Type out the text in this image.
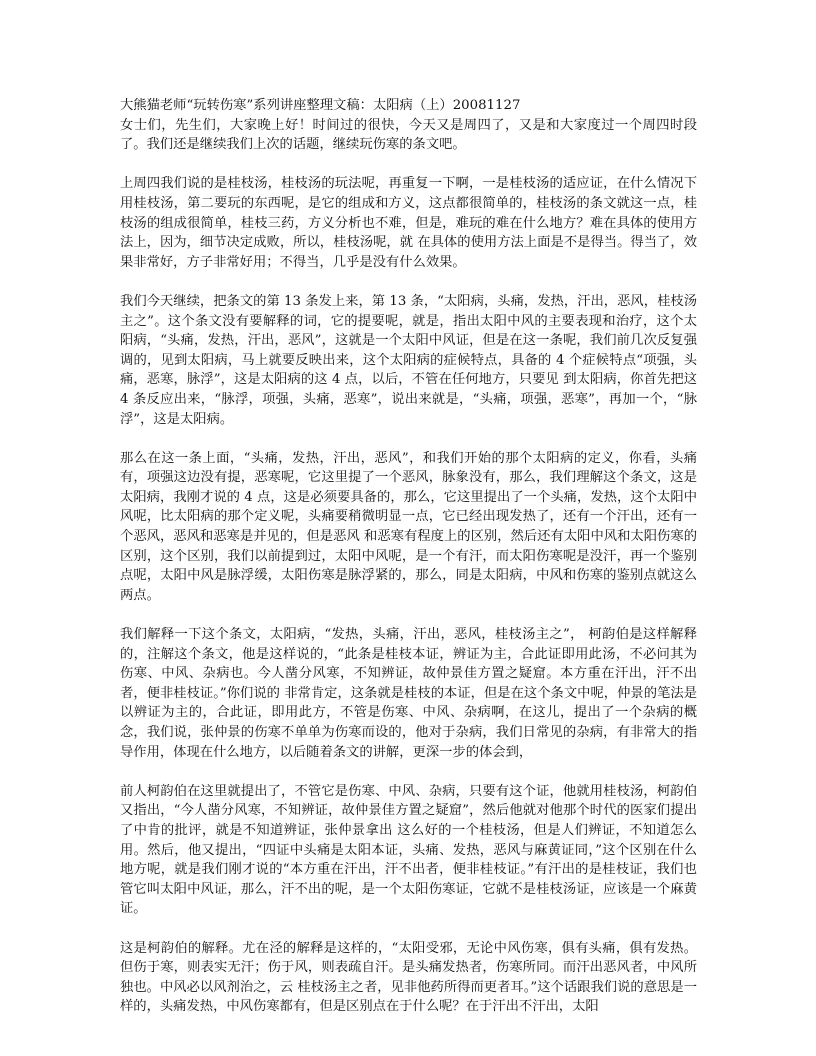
大熊猫老师“玩转伤寒”系列讲座整理文稿：太阳病（上）20081127

女士们，先生们，大家晚上好！时间过的很快，今天又是周四了，又是和大家度过一个周四时段了。我们还是继续我们上次的话题，继续玩伤寒的条文吧。

上周四我们说的是桂枝汤，桂枝汤的玩法呢，再重复一下啊，一是桂枝汤的适应证，在什么情况下用桂枝汤，第二要玩的东西呢，是它的组成和方义，这点都很简单的，桂枝汤的条文就这一点，桂枝汤的组成很简单，桂枝三药，方义分析也不难，但是，难玩的难在什么地方？难在具体的使用方法上，因为，细节决定成败，所以，桂枝汤呢，就 在具体的使用方法上面是不是得当。得当了，效果非常好，方子非常好用；不得当，几乎是没有什么效果。

我们今天继续，把条文的第 13 条发上来，第 13 条，“太阳病，头痛，发热，汗出，恶风，桂枝汤主之”。这个条文没有要解释的词，它的提要呢，就是，指出太阳中风的主要表现和治疗，这个太阳病，“头痛，发热，汗出，恶风”，这就是一个太阳中风证，但是在这一条呢，我们前几次反复强调的，见到太阳病，马上就要反映出来，这个太阳病的症候特点，具备的 4 个症候特点“项强，头痛，恶寒，脉浮”，这是太阳病的这 4 点，以后，不管在任何地方，只要见 到太阳病，你首先把这 4 条反应出来，“脉浮，项强，头痛，恶寒”，说出来就是，“头痛，项强，恶寒”，再加一个，“脉浮”，这是太阳病。

那么在这一条上面，“头痛，发热，汗出，恶风”，和我们开始的那个太阳病的定义，你看，头痛有，项强这边没有提，恶寒呢，它这里提了一个恶风，脉象没有，那么，我们理解这个条文，这是太阳病，我刚才说的 4 点，这是必须要具备的，那么，它这里提出了一个头痛，发热，这个太阳中风呢，比太阳病的那个定义呢，头痛要稍微明显一点，它已经出现发热了，还有一个汗出，还有一个恶风，恶风和恶寒是并见的，但是恶风 和恶寒有程度上的区别，然后还有太阳中风和太阳伤寒的区别，这个区别，我们以前提到过，太阳中风呢，是一个有汗，而太阳伤寒呢是没汗，再一个鉴别点呢，太阳中风是脉浮缓，太阳伤寒是脉浮紧的，那么，同是太阳病，中风和伤寒的鉴别点就这么两点。

我们解释一下这个条文，太阳病，“发热，头痛，汗出，恶风，桂枝汤主之”， 柯韵伯是这样解释的，注解这个条文，他是这样说的，“此条是桂枝本证，辨证为主，合此证即用此汤，不必问其为伤寒、中风、杂病也。今人凿分风寒，不知辨证，故仲景佳方置之疑窟。本方重在汗出，汗不出者，便非桂枝证。”你们说的 非常肯定，这条就是桂枝的本证，但是在这个条文中呢，仲景的笔法是以辨证为主的，合此证，即用此方，不管是伤寒、中风、杂病啊，在这儿，提出了一个杂病的概念，我们说，张仲景的伤寒不单单为伤寒而设的，他对于杂病，我们日常见的杂病，有非常大的指导作用，体现在什么地方，以后随着条文的讲解，更深一步的体会到，

前人柯韵伯在这里就提出了，不管它是伤寒、中风、杂病，只要有这个证，他就用桂枝汤，柯韵伯又指出，“今人凿分风寒，不知辨证，故仲景佳方置之疑窟”，然后他就对他那个时代的医家们提出了中肯的批评，就是不知道辨证，张仲景拿出 这么好的一个桂枝汤，但是人们辨证，不知道怎么用。然后，他又提出，“四证中头痛是太阳本证，头痛、发热，恶风与麻黄证同，”这个区别在什么地方呢，就是我们刚才说的“本方重在汗出，汗不出者，便非桂枝证。”有汗出的是桂枝证，我们也管它叫太阳中风证，那么，汗不出的呢，是一个太阳伤寒证，它就不是桂枝汤证，应该是一个麻黄证。

这是柯韵伯的解释。尤在泾的解释是这样的，“太阳受邪，无论中风伤寒，俱有头痛，俱有发热。但伤于寒，则表实无汗；伤于风，则表疏自汗。是头痛发热者，伤寒所同。而汗出恶风者，中风所独也。中风必以风剂治之，云 桂枝汤主之者，见非他药所得而更者耳。”这个话跟我们说的意思是一样的，头痛发热，中风伤寒都有，但是区别点在于什么呢？在于汗出不汗出，太阳
